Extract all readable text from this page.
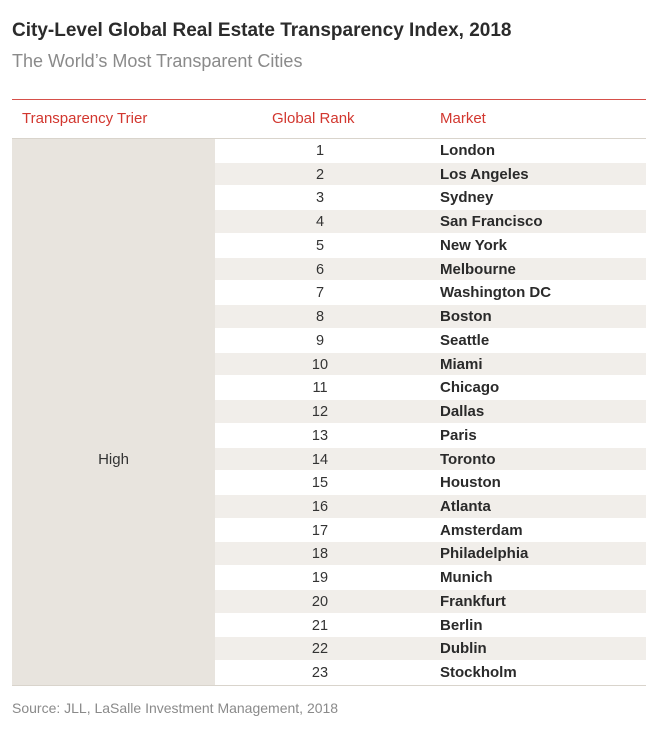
City-Level Global Real Estate Transparency Index, 2018
The World’s Most Transparent Cities
Transparency Trier	Global Rank	Market
High
1	London
2	Los Angeles
3	Sydney
4	San Francisco
5	New York
6	Melbourne
7	Washington DC
8	Boston
9	Seattle
10	Miami
11	Chicago
12	Dallas
13	Paris
14	Toronto
15	Houston
16	Atlanta
17	Amsterdam
18	Philadelphia
19	Munich
20	Frankfurt
21	Berlin
22	Dublin
23	Stockholm
Source: JLL, LaSalle Investment Management, 2018
